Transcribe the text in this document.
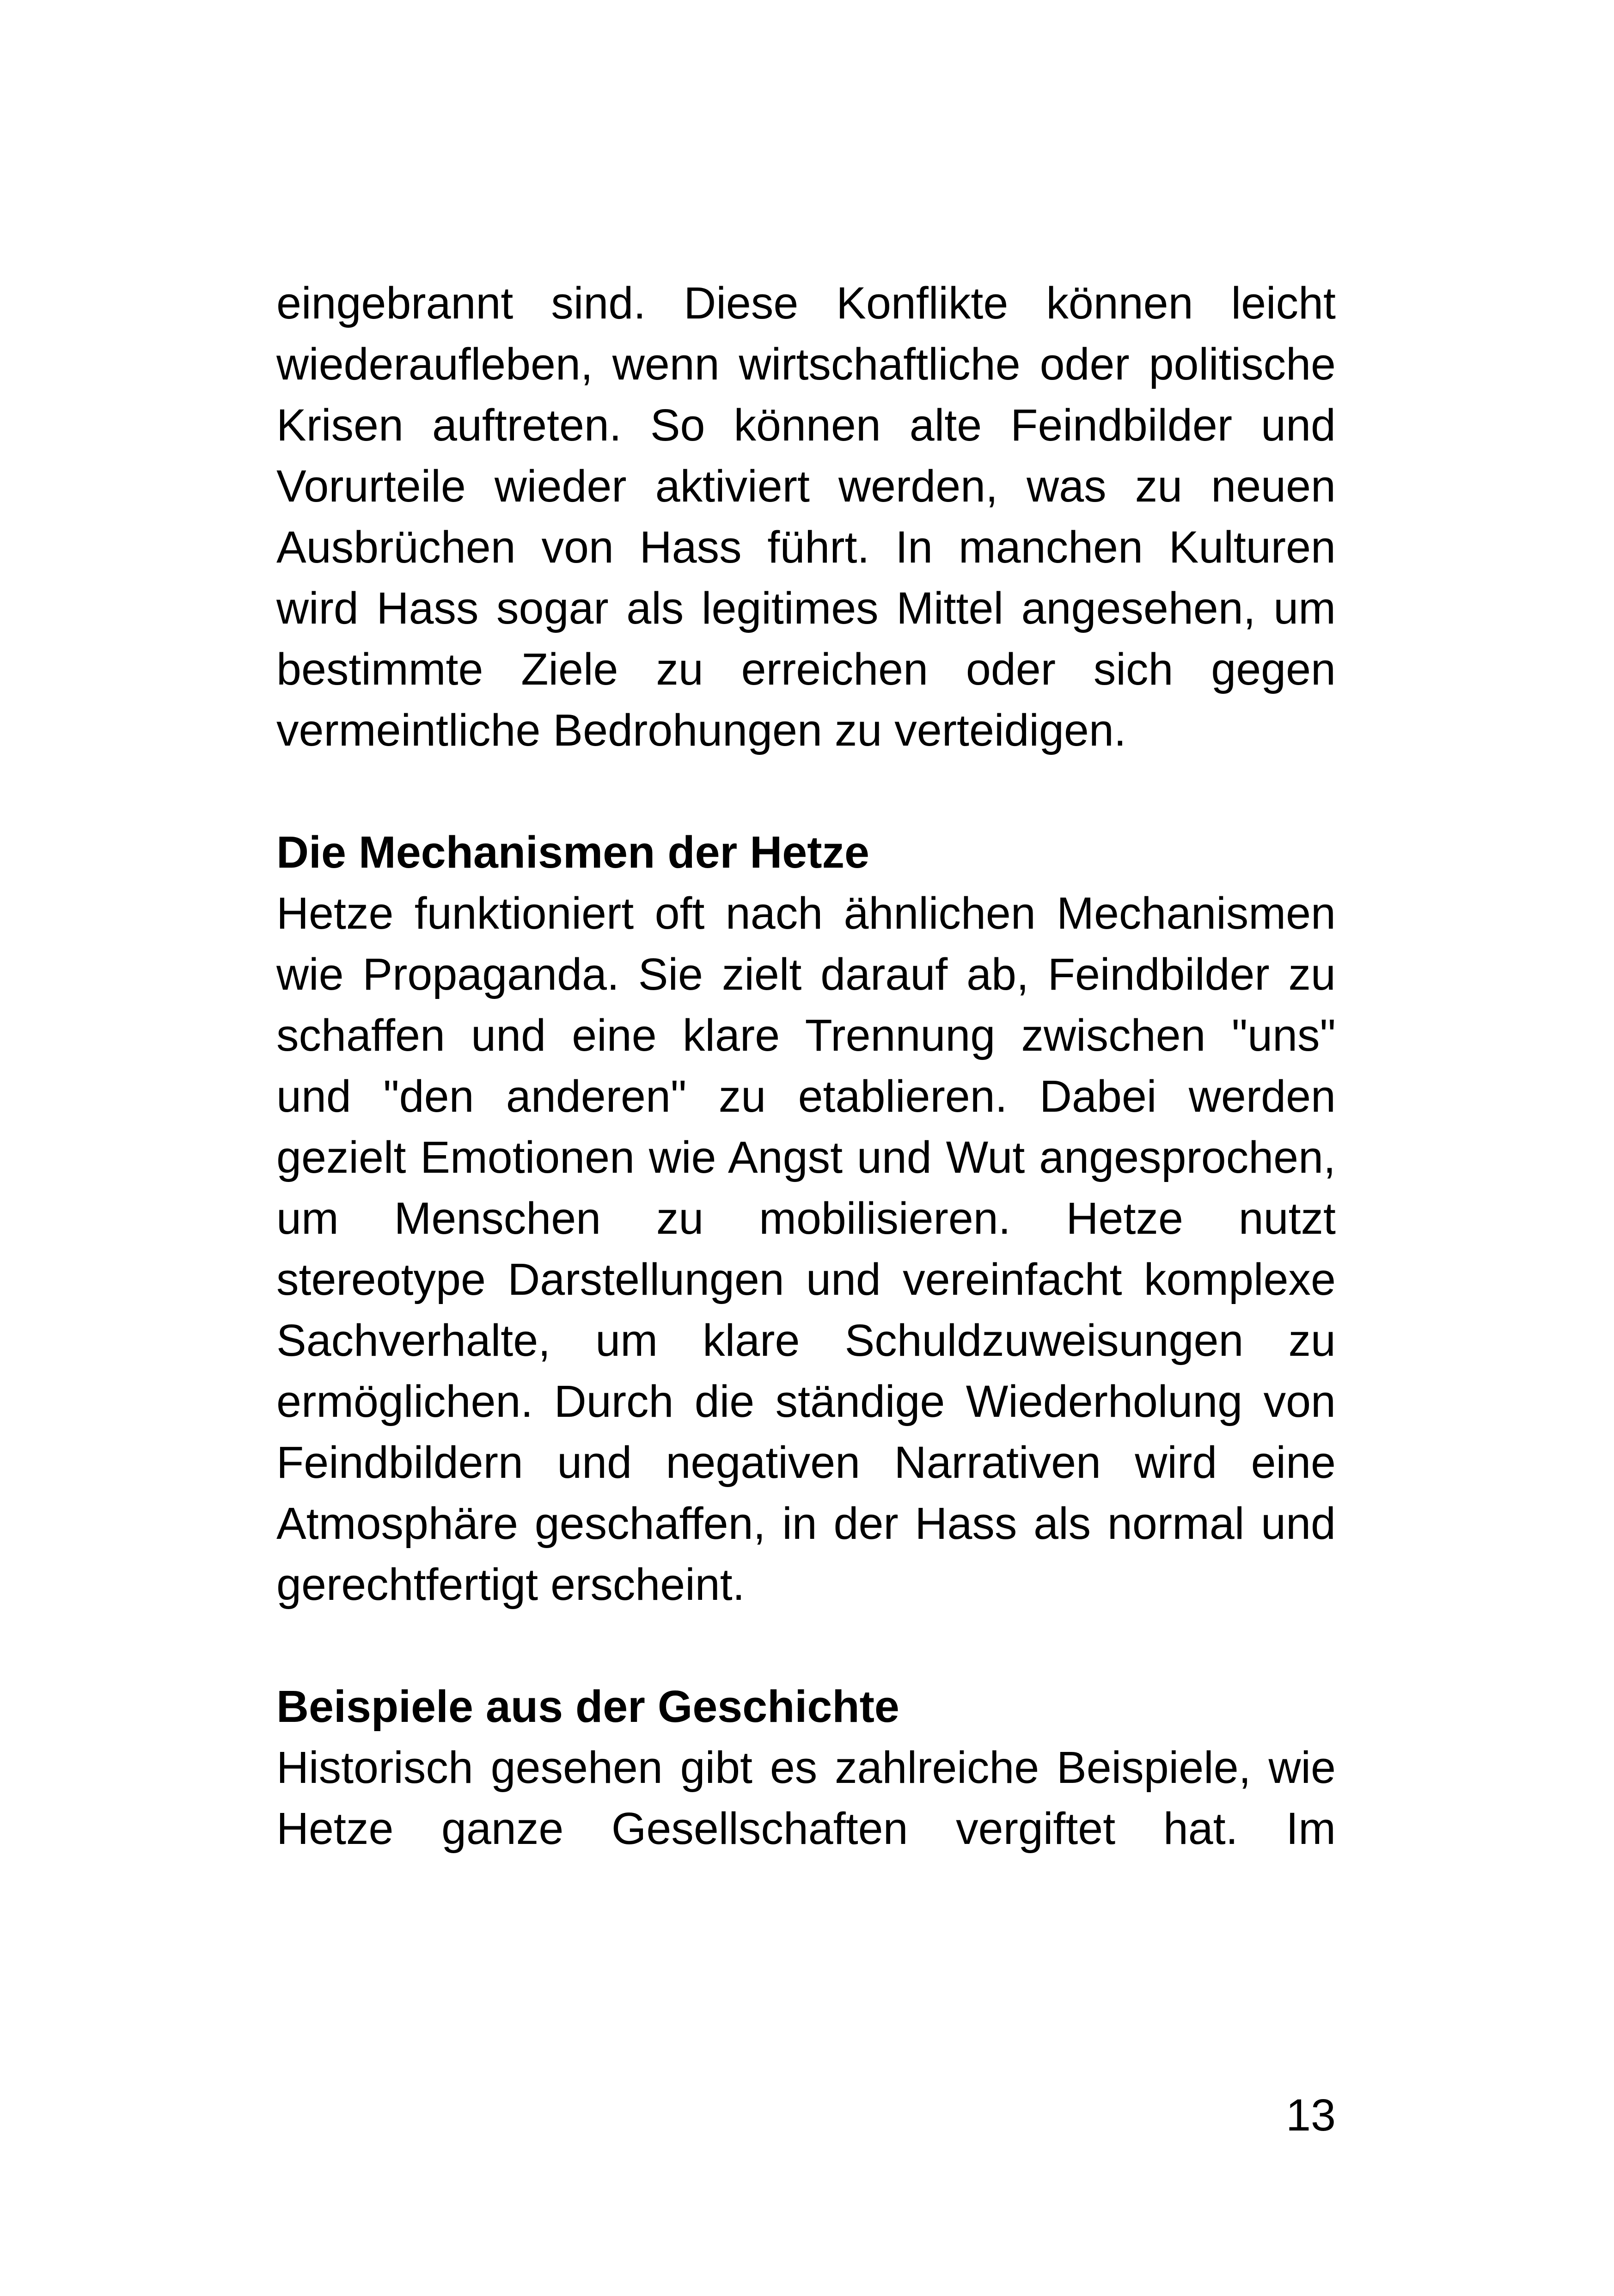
eingebrannt sind. Diese Konflikte können leicht wiederaufleben, wenn wirtschaftliche oder politische Krisen auftreten. So können alte Feindbilder und Vorurteile wieder aktiviert werden, was zu neuen Ausbrüchen von Hass führt. In manchen Kulturen wird Hass sogar als legitimes Mittel angesehen, um bestimmte Ziele zu erreichen oder sich gegen vermeintliche Bedrohungen zu verteidigen.

Die Mechanismen der Hetze

Hetze funktioniert oft nach ähnlichen Mechanismen wie Propaganda. Sie zielt darauf ab, Feindbilder zu schaffen und eine klare Trennung zwischen "uns" und "den anderen" zu etablieren. Dabei werden gezielt Emotionen wie Angst und Wut angesprochen, um Menschen zu mobilisieren. Hetze nutzt stereotype Darstellungen und vereinfacht komplexe Sachverhalte, um klare Schuldzuweisungen zu ermöglichen. Durch die ständige Wiederholung von Feindbildern und negativen Narrativen wird eine Atmosphäre geschaffen, in der Hass als normal und gerechtfertigt erscheint.

Beispiele aus der Geschichte

Historisch gesehen gibt es zahlreiche Beispiele, wie Hetze ganze Gesellschaften vergiftet hat. Im

13
